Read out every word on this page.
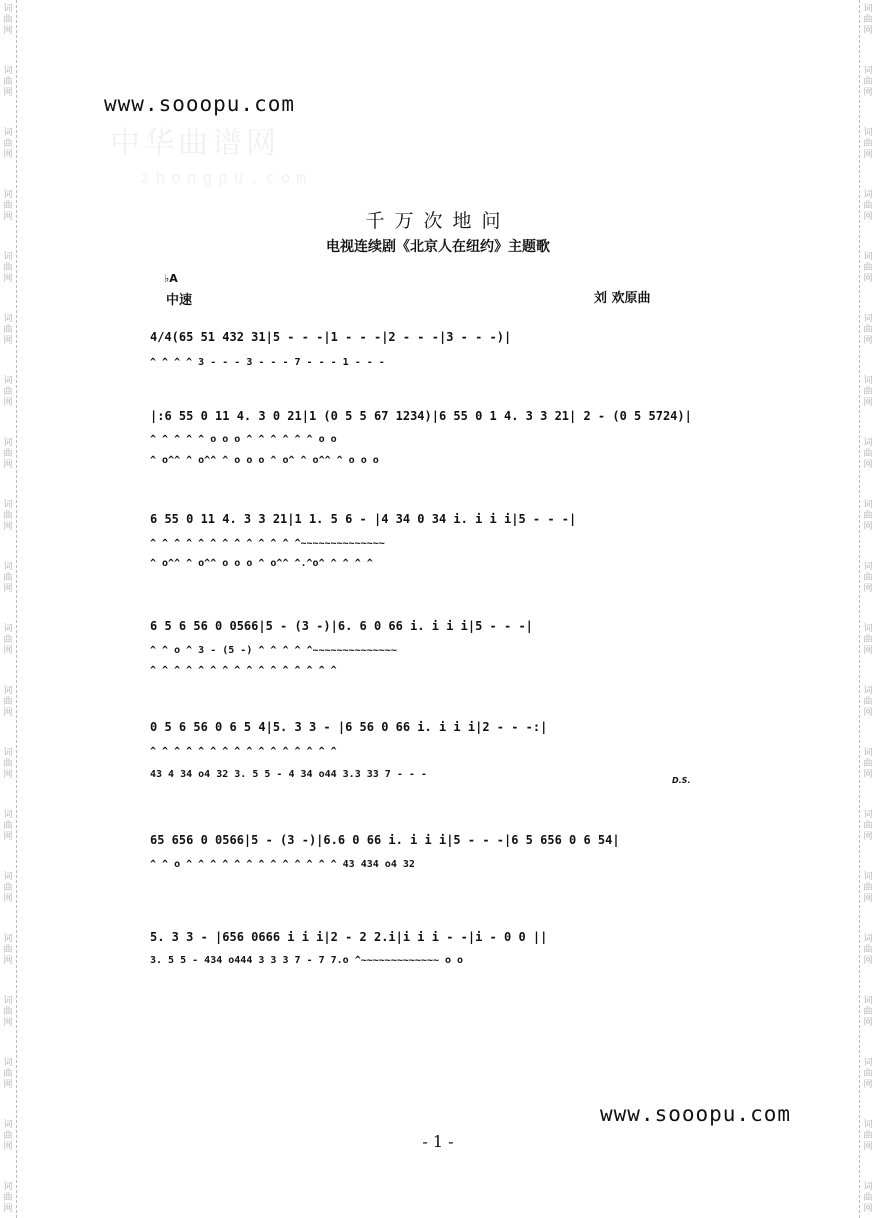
词
曲
网
词
曲
网
词
曲
网
词
曲
网
词
曲
网
词
曲
网
词
曲
网
词
曲
网
词
曲
网
词
曲
网
词
曲
网
词
曲
网
词
曲
网
词
曲
网
词
曲
网
词
曲
网
词
曲
网
词
曲
网
词
曲
网
词
曲
网
词
曲
网
词
曲
网
词
曲
网
词
曲
网
词
曲
网
词
曲
网
词
曲
网
词
曲
网
词
曲
网
词
曲
网
词
曲
网
词
曲
网
词
曲
网
词
曲
网
词
曲
网
词
曲
网
词
曲
网
词
曲
网
词
曲
网
词
曲
网
中华曲谱网
zhongpu.com
www.sooopu.com
千万次地问
电视连续剧《北京人在纽约》主题歌
♭A
中速	刘 欢原曲
4/4(65 51 432 31|5 - - -|1 - - -|2 - - -|3 - - -)|
^ ^ ^ ^ 3 - - - 3 - - - 7 - - - 1 - - -
|:6 55 0 11 4. 3 0 21|1 (0 5 5 67 1234)|6 55 0 1 4. 3 3 21| 2 - (0 5 5724)|
^ ^ ^ ^ ^ o o o ^ ^ ^ ^ ^ ^ o o
^ o^^ ^ o^^ ^ o o o ^ o^ ^ o^^ ^ o o o
6 55 0 11 4. 3 3 21|1 1. 5 6 - |4 34 0 34 i. i i i|5 - - -|
^ ^ ^ ^ ^ ^ ^ ^ ^ ^ ^ ^ ^~~~~~~~~~~~~~~
^ o^^ ^ o^^ o o o ^ o^^ ^.^o^ ^ ^ ^ ^
6 5 6 56 0 0566|5 - (3 -)|6. 6 0 66 i. i i i|5 - - -|
^ ^ o ^ 3 - (5 -) ^ ^ ^ ^ ^~~~~~~~~~~~~~~
^ ^ ^ ^ ^ ^ ^ ^ ^ ^ ^ ^ ^ ^ ^ ^
0 5 6 56 0 6 5 4|5. 3 3 - |6 56 0 66 i. i i i|2 - - -:|
^ ^ ^ ^ ^ ^ ^ ^ ^ ^ ^ ^ ^ ^ ^ ^
43 4 34 o4 32 3. 5 5 - 4 34 o44 3.3 33 7 - - -
D.S.
65 656 0 0566|5 - (3 -)|6.6 0 66 i. i i i|5 - - -|6 5 656 0 6 54|
^ ^ o ^ ^ ^ ^ ^ ^ ^ ^ ^ ^ ^ ^ ^ 43 434 o4 32
5. 3 3 - |656 0666 i i i|2 - 2 2.i|i i i - -|i - 0 0 ||
3. 5 5 - 434 o444 3 3 3 7 - 7 7.o ^~~~~~~~~~~~~~ o o
www.sooopu.com
- 1 -
